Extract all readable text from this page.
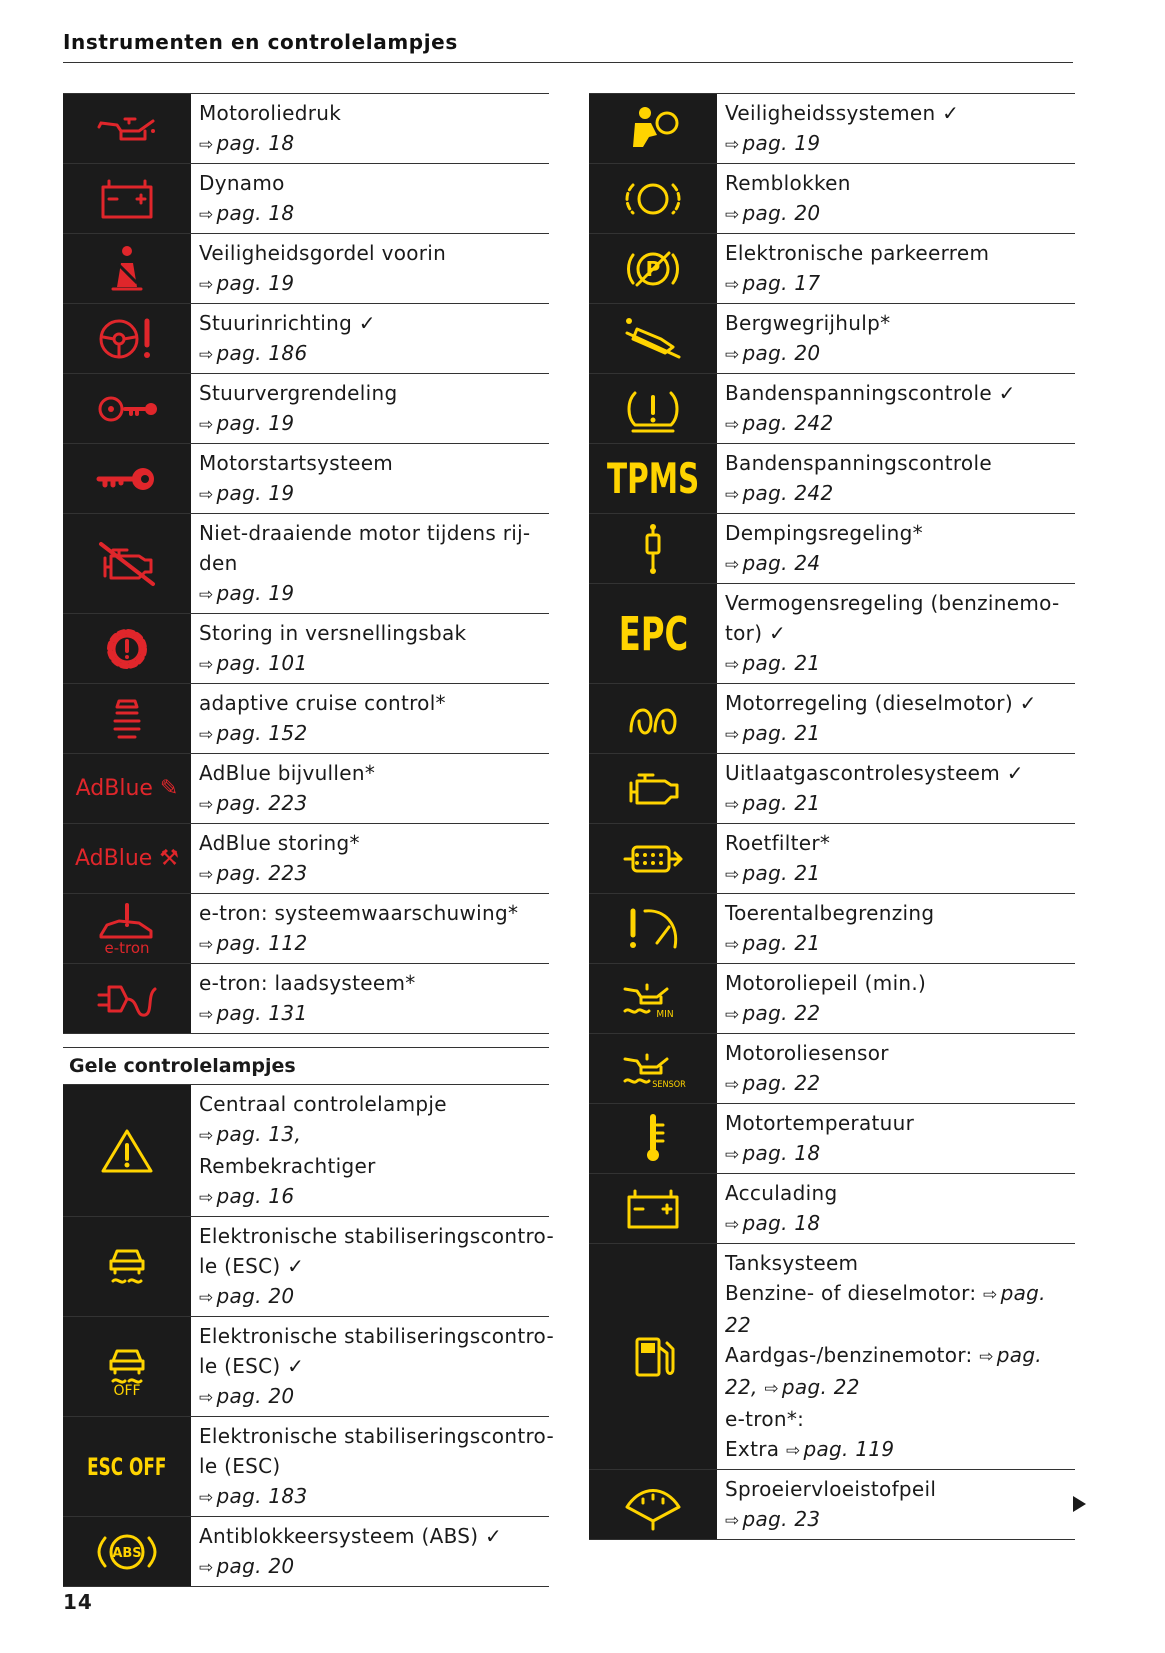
Instrumenten en controlelampjes
Motoroliedruk
⇨ pag. 18
Dynamo
⇨ pag. 18
Veiligheidsgordel voorin
⇨ pag. 19
Stuurinrichting ✓
⇨ pag. 186
Stuurvergrendeling
⇨ pag. 19
Motorstartsysteem
⇨ pag. 19
Niet-draaiende motor tijdens rij-
den
⇨ pag. 19
Storing in versnellingsbak
⇨ pag. 101
adaptive cruise control*
⇨ pag. 152
AdBlue ✎
AdBlue bijvullen*
⇨ pag. 223
AdBlue ⚒
AdBlue storing*
⇨ pag. 223
e-tron
e-tron: systeemwaarschuwing*
⇨ pag. 112
e-tron: laadsysteem*
⇨ pag. 131
Gele controlelampjes
Centraal controlelampje
⇨ pag. 13,
Rembekrachtiger
⇨ pag. 16
Elektronische stabiliseringscontro-
le (ESC) ✓
⇨ pag. 20
OFF
Elektronische stabiliseringscontro-
le (ESC) ✓
⇨ pag. 20
ESC OFF
Elektronische stabiliseringscontro-
le (ESC)
⇨ pag. 183
ABS
Antiblokkeersysteem (ABS) ✓
⇨ pag. 20
Veiligheidssystemen ✓
⇨ pag. 19
Remblokken
⇨ pag. 20
P
Elektronische parkeerrem
⇨ pag. 17
Bergwegrijhulp*
⇨ pag. 20
Bandenspanningscontrole ✓
⇨ pag. 242
TPMS	Bandenspanningscontrole
⇨ pag. 242
Dempingsregeling*
⇨ pag. 24
EPC
Vermogensregeling (benzinemo-
tor) ✓
⇨ pag. 21
Motorregeling (dieselmotor) ✓
⇨ pag. 21
Uitlaatgascontrolesysteem ✓
⇨ pag. 21
Roetfilter*
⇨ pag. 21
Toerentalbegrenzing
⇨ pag. 21
MIN
Motoroliepeil (min.)
⇨ pag. 22
SENSOR
Motoroliesensor
⇨ pag. 22
Motortemperatuur
⇨ pag. 18
Acculading
⇨ pag. 18
Tanksysteem
Benzine- of dieselmotor: ⇨ pag.
22
Aardgas-/benzinemotor: ⇨ pag.
22, ⇨ pag. 22
e-tron*:
Extra ⇨ pag. 119
Sproeiervloeistofpeil
⇨ pag. 23
14
